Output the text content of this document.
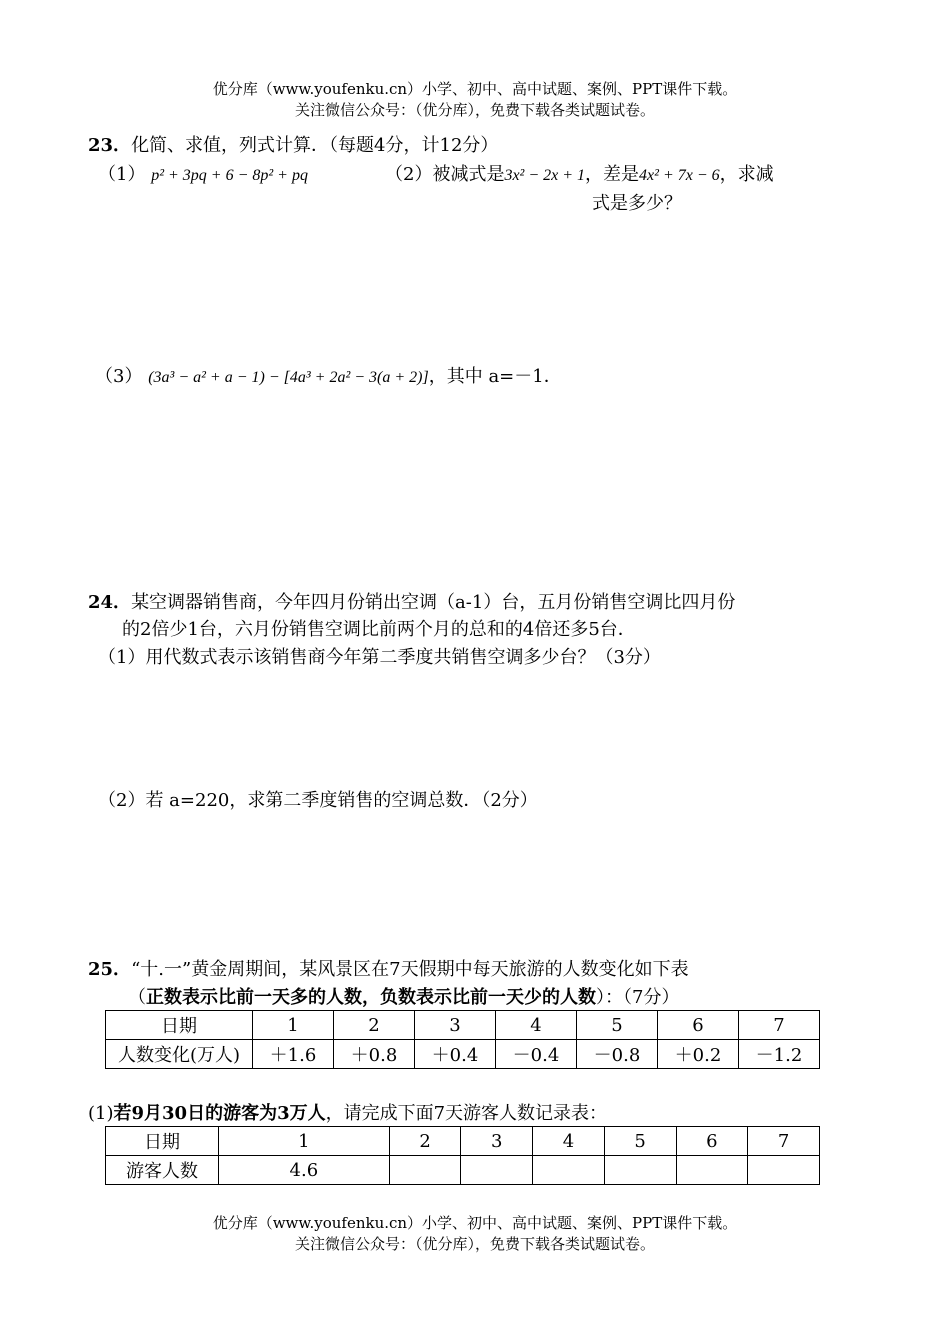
优分库（www.youfenku.cn）小学、初中、高中试题、案例、PPT课件下载。
关注微信公众号：（优分库），免费下载各类试题试卷。
23．化简、求值，列式计算．（每题4分，计12分）
（1） p² + 3pq + 6 − 8p² + pq	（2）被减式是3x² − 2x + 1，差是4x² + 7x − 6，求减
式是多少？
（3） (3a³ − a² + a − 1) − [4a³ + 2a² − 3(a + 2)]，其中 a=－1．
24．某空调器销售商，今年四月份销出空调（a-1）台，五月份销售空调比四月份
的2倍少1台，六月份销售空调比前两个月的总和的4倍还多5台．
（1）用代数式表示该销售商今年第二季度共销售空调多少台？（3分）
（2）若 a=220，求第二季度销售的空调总数．（2分）
25．“十.一”黄金周期间，某风景区在7天假期中每天旅游的人数变化如下表
（正数表示比前一天多的人数，负数表示比前一天少的人数）：（7分）
日期	1	2	3	4	5	6	7
人数变化(万人)	＋1.6	＋0.8	＋0.4	－0.4	－0.8	＋0.2	－1.2
(1)若9月30日的游客为3万人，请完成下面7天游客人数记录表：
日期	1	2	3	4	5	6	7
游客人数	4.6						
优分库（www.youfenku.cn）小学、初中、高中试题、案例、PPT课件下载。
关注微信公众号：（优分库），免费下载各类试题试卷。
